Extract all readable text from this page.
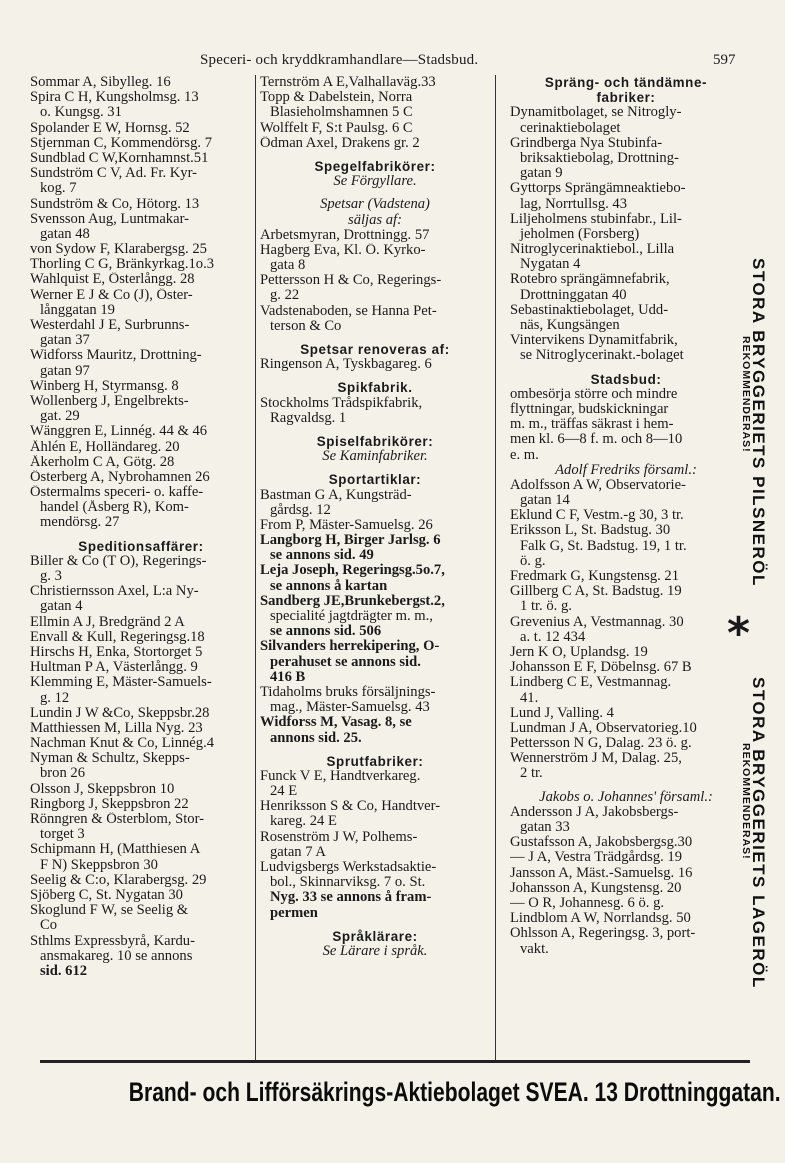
Speceri- och kryddkramhandlare—Stadsbud.	597
Sommar A, Sibylleg. 16
Spira C H, Kungsholmsg. 13
o. Kungsg. 31
Spolander E W, Hornsg. 52
Stjernman C, Kommendörsg. 7
Sundblad C W,Kornhamnst.51
Sundström C V, Ad. Fr. Kyr-
kog. 7
Sundström & Co, Hötorg. 13
Svensson Aug, Luntmakar-
gatan 48
von Sydow F, Klarabergsg. 25
Thorling C G, Bränkyrkag.1o.3
Wahlquist E, Österlångg. 28
Werner E J & Co (J), Öster-
långgatan 19
Westerdahl J E, Surbrunns-
gatan 37
Widforss Mauritz, Drottning-
gatan 97
Winberg H, Styrmansg. 8
Wollenberg J, Engelbrekts-
gat. 29
Wänggren E, Linnég. 44 & 46
Åhlén E, Holländareg. 20
Åkerholm C A, Götg. 28
Österberg A, Nybrohamnen 26
Östermalms speceri- o. kaffe-
handel (Åsberg R), Kom-
mendörsg. 27
Speditionsaffärer:
Biller & Co (T O), Regerings-
g. 3
Christiernsson Axel, L:a Ny-
gatan 4
Ellmin A J, Bredgränd 2 A
Envall & Kull, Regeringsg.18
Hirschs H, Enka, Stortorget 5
Hultman P A, Västerlångg. 9
Klemming E, Mäster-Samuels-
g. 12
Lundin J W &Co, Skeppsbr.28
Matthiessen M, Lilla Nyg. 23
Nachman Knut & Co, Linnég.4
Nyman & Schultz, Skepps-
bron 26
Olsson J, Skeppsbron 10
Ringborg J, Skeppsbron 22
Rönngren & Österblom, Stor-
torget 3
Schipmann H, (Matthiesen A
F N) Skeppsbron 30
Seelig & C:o, Klarabergsg. 29
Sjöberg C, St. Nygatan 30
Skoglund F W, se Seelig &
Co
Sthlms Expressbyrå, Kardu-
ansmakareg. 10 se annons
sid. 612
Ternström A E,Valhallaväg.33
Topp & Dabelstein, Norra
Blasieholmshamnen 5 C
Wolffelt F, S:t Paulsg. 6 C
Ödman Axel, Drakens gr. 2
Spegelfabrikörer:
Se Förgyllare.
Spetsar (Vadstena)
säljas af:
Arbetsmyran, Drottningg. 57
Hagberg Eva, Kl. Ö. Kyrko-
gata 8
Pettersson H & Co, Regerings-
g. 22
Vadstenaboden, se Hanna Pet-
terson & Co
Spetsar renoveras af:
Ringenson A, Tyskbagareg. 6
Spikfabrik.
Stockholms Trådspikfabrik,
Ragvaldsg. 1
Spiselfabrikörer:
Se Kaminfabriker.
Sportartiklar:
Bastman G A, Kungsträd-
gårdsg. 12
From P, Mäster-Samuelsg. 26
Langborg H, Birger Jarlsg. 6
se annons sid. 49
Leja Joseph, Regeringsg.5o.7,
se annons å kartan
Sandberg JE,Brunkebergst.2,
specialité jagtdrägter m. m.,
se annons sid. 506
Silvanders herrekipering, O-
perahuset se annons sid.
416 B
Tidaholms bruks försäljnings-
mag., Mäster-Samuelsg. 43
Widforss M, Vasag. 8, se
annons sid. 25.
Sprutfabriker:
Funck V E, Handtverkareg.
24 E
Henriksson S & Co, Handtver-
kareg. 24 E
Rosenström J W, Polhems-
gatan 7 A
Ludvigsbergs Werkstadsaktie-
bol., Skinnarviksg. 7 o. St.
Nyg. 33 se annons å fram-
permen
Språklärare:
Se Lärare i språk.
Spräng- och tändämne-
fabriker:
Dynamitbolaget, se Nitrogly-
cerinaktiebolaget
Grindberga Nya Stubinfa-
briksaktiebolag, Drottning-
gatan 9
Gyttorps Sprängämneaktiebo-
lag, Norrtullsg. 43
Liljeholmens stubinfabr., Lil-
jeholmen (Forsberg)
Nitroglycerinaktiebol., Lilla
Nygatan 4
Rotebro sprängämnefabrik,
Drottninggatan 40
Sebastinaktiebolaget, Udd-
näs, Kungsängen
Vintervikens Dynamitfabrik,
se Nitroglycerinakt.-bolaget
Stadsbud:
ombesörja större och mindre
flyttningar, budskickningar
m. m., träffas säkrast i hem-
men kl. 6—8 f. m. och 8—10
e. m.
Adolf Fredriks församl.:
Adolfsson A W, Observatorie-
gatan 14
Eklund C F, Vestm.-g 30, 3 tr.
Eriksson L, St. Badstug. 30
Falk G, St. Badstug. 19, 1 tr.
ö. g.
Fredmark G, Kungstensg. 21
Gillberg C A, St. Badstug. 19
1 tr. ö. g.
Grevenius A, Vestmannag. 30
a. t. 12 434
Jern K O, Uplandsg. 19
Johansson E F, Döbelnsg. 67 B
Lindberg C E, Vestmannag.
41.
Lund J, Valling. 4
Lundman J A, Observatorieg.10
Pettersson N G, Dalag. 23 ö. g.
Wennerström J M, Dalag. 25,
2 tr.
Jakobs o. Johannes' församl.:
Andersson J A, Jakobsbergs-
gatan 33
Gustafsson A, Jakobsbergsg.30
— J A, Vestra Trädgårdsg. 19
Jansson A, Mäst.-Samuelsg. 16
Johansson A, Kungstensg. 20
— O R, Johannesg. 6 ö. g.
Lindblom A W, Norrlandsg. 50
Ohlsson A, Regeringsg. 3, port-
vakt.
STORA BRYGGERIETS PILSNERÖL
REKOMMENDERAS!
*
STORA BRYGGERIETS LAGERÖL
REKOMMENDERAS!
Brand- och Lifförsäkrings-Aktiebolaget SVEA. 13 Drottninggatan.
